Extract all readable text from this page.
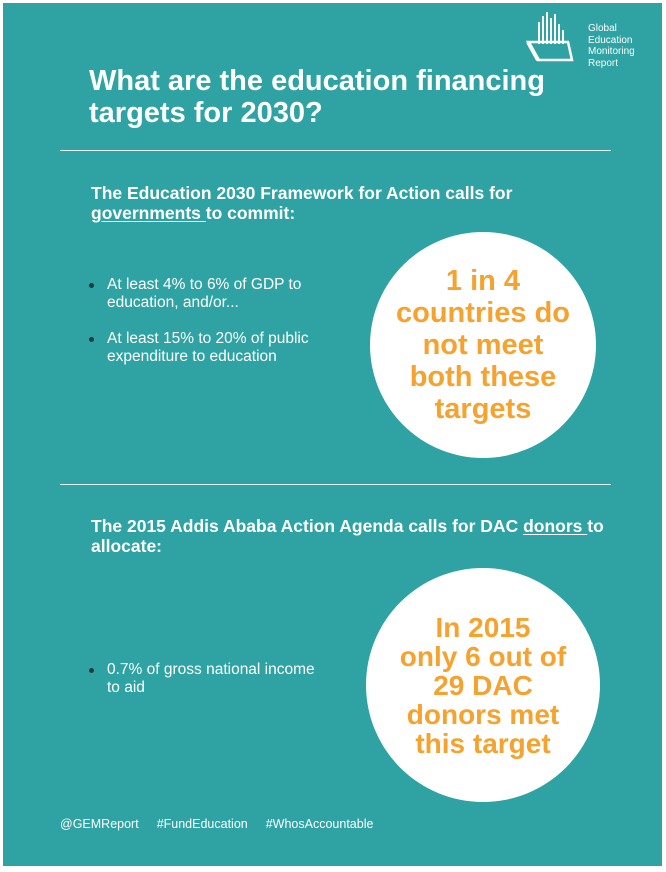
Global
Education
Monitoring
Report
What are the education financing targets for 2030?
The Education 2030 Framework for Action calls for governments to commit:
At least 4% to 6% of GDP to education, and/or...
At least 15% to 20% of public expenditure to education
1 in 4
countries do
not meet
both these
targets
The 2015 Addis Ababa Action Agenda calls for DAC donors to allocate:
0.7% of gross national income to aid
In 2015
only 6 out of
29 DAC
donors met
this target
@GEMReport #FundEducation #WhosAccountable
